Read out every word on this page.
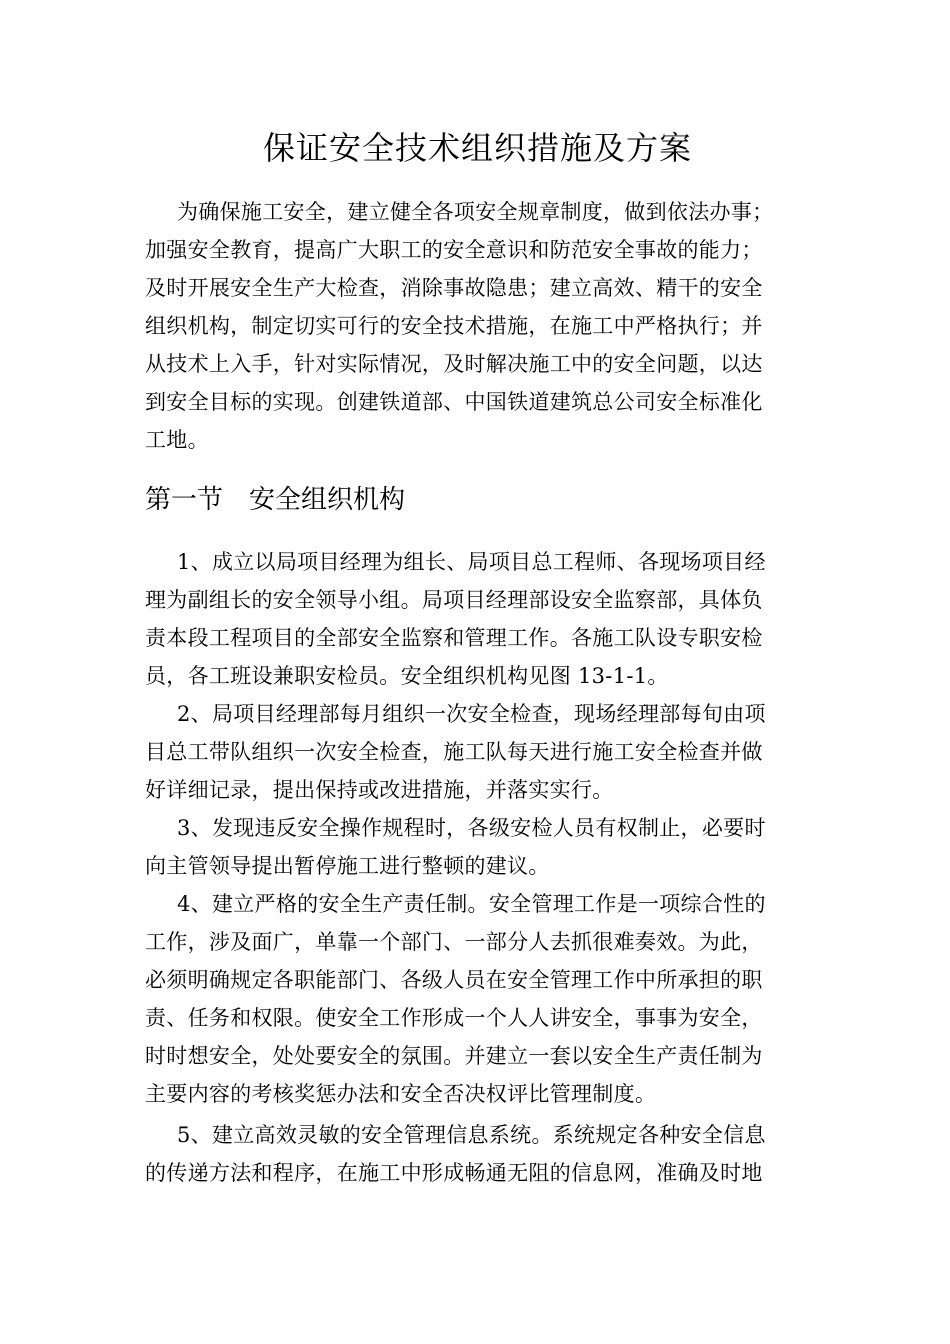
保证安全技术组织措施及方案

为确保施工安全，建立健全各项安全规章制度，做到依法办事；
加强安全教育，提高广大职工的安全意识和防范安全事故的能力；
及时开展安全生产大检查，消除事故隐患；建立高效、精干的安全
组织机构，制定切实可行的安全技术措施，在施工中严格执行；并
从技术上入手，针对实际情况，及时解决施工中的安全问题，以达
到安全目标的实现。创建铁道部、中国铁道建筑总公司安全标准化
工地。

第一节　安全组织机构

1、成立以局项目经理为组长、局项目总工程师、各现场项目经
理为副组长的安全领导小组。局项目经理部设安全监察部，具体负
责本段工程项目的全部安全监察和管理工作。各施工队设专职安检
员，各工班设兼职安检员。安全组织机构见图 13-1-1。

2、局项目经理部每月组织一次安全检查，现场经理部每旬由项
目总工带队组织一次安全检查，施工队每天进行施工安全检查并做
好详细记录，提出保持或改进措施，并落实实行。

3、发现违反安全操作规程时，各级安检人员有权制止，必要时
向主管领导提出暂停施工进行整顿的建议。

4、建立严格的安全生产责任制。安全管理工作是一项综合性的
工作，涉及面广，单靠一个部门、一部分人去抓很难奏效。为此，
必须明确规定各职能部门、各级人员在安全管理工作中所承担的职
责、任务和权限。使安全工作形成一个人人讲安全，事事为安全，
时时想安全，处处要安全的氛围。并建立一套以安全生产责任制为
主要内容的考核奖惩办法和安全否决权评比管理制度。

5、建立高效灵敏的安全管理信息系统。系统规定各种安全信息
的传递方法和程序，在施工中形成畅通无阻的信息网，准确及时地
